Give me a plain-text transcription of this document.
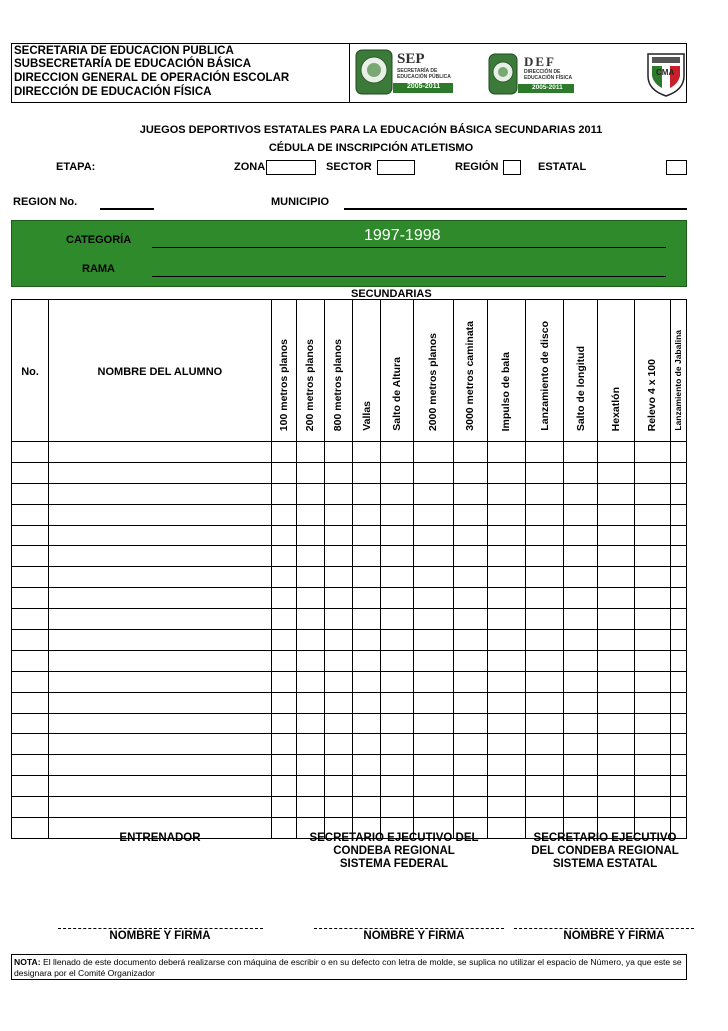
SECRETARIA DE EDUCACION PUBLICA
SUBSECRETARÍA DE EDUCACIÓN BÁSICA
DIRECCION GENERAL DE OPERACIÓN ESCOLAR
DIRECCIÓN DE EDUCACIÓN FÍSICA
SEP
SECRETARÍA DE
EDUCACIÓN PÚBLICA
2005-2011
DEF
DIRECCIÓN DE
EDUCACIÓN FÍSICA
2005-2011
CMA
JUEGOS DEPORTIVOS ESTATALES PARA LA EDUCACIÓN BÁSICA SECUNDARIAS 2011
CÉDULA DE INSCRIPCIÓN ATLETISMO
ETAPA:	ZONA	SECTOR	REGIÓN	ESTATAL
REGION No.	MUNICIPIO
CATEGORÍA	1997-1998
RAMA
SECUNDARIAS
No.	NOMBRE DEL ALUMNO	100 metros planos	200 metros planos	800 metros planos	Vallas	Salto de Altura	2000 metros planos	3000 metros caminata	Impulso de bala	Lanzamiento de disco	Salto de longitud	Hexatlón	Relevo 4 x 100	Lanzamiento de Jabalina

ENTRENADOR	SECRETARIO EJECUTIVO DEL
CONDEBA REGIONAL
SISTEMA FEDERAL
SECRETARIO EJECUTIVO
DEL CONDEBA REGIONAL
SISTEMA ESTATAL
NOMBRE Y FIRMA	NOMBRE Y FIRMA	NOMBRE Y FIRMA
NOTA: El llenado de este documento deberá realizarse con máquina de escribir o en su defecto con letra de molde, se suplica no utilizar el espacio de Número, ya que este se designara por el Comité Organizador
